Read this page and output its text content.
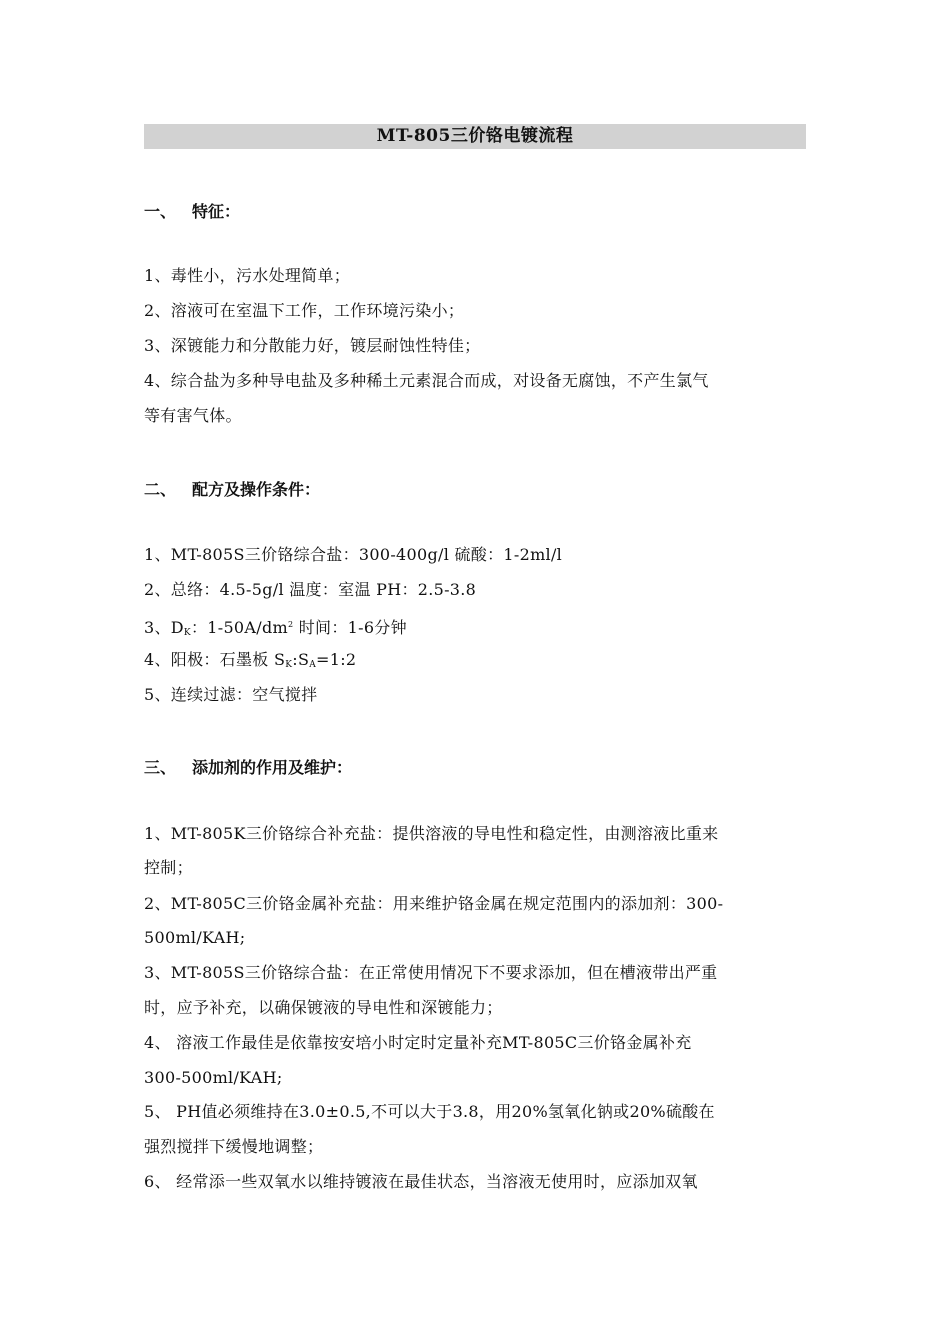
MT-805三价铬电镀流程
一、 特征：
1、毒性小，污水处理简单；
2、溶液可在室温下工作，工作环境污染小；
3、深镀能力和分散能力好，镀层耐蚀性特佳；
4、综合盐为多种导电盐及多种稀土元素混合而成，对设备无腐蚀，不产生氯气
等有害气体。
二、 配方及操作条件：
1、MT-805S三价铬综合盐：300-400g/l 硫酸：1-2ml/l
2、总络：4.5-5g/l 温度：室温 PH：2.5-3.8
3、$D_K$：$1-50A/dm^2$ 时间：1-6分钟
4、阳极：石墨板 $S_K:S_A=1:2$
5、连续过滤：空气搅拌
三、 添加剂的作用及维护：
1、MT-805K三价铬综合补充盐：提供溶液的导电性和稳定性，由测溶液比重来
控制；
2、MT-805C三价铬金属补充盐：用来维护铬金属在规定范围内的添加剂：300-
500ml/KAH;
3、MT-805S三价铬综合盐：在正常使用情况下不要求添加，但在槽液带出严重
时，应予补充，以确保镀液的导电性和深镀能力；
4、 溶液工作最佳是依靠按安培小时定时定量补充MT-805C三价铬金属补充
300-500ml/KAH;
5、 PH值必须维持在3.0±0.5,不可以大于3.8，用20%氢氧化钠或20%硫酸在
强烈搅拌下缓慢地调整；
6、 经常添一些双氧水以维持镀液在最佳状态，当溶液无使用时，应添加双氧
